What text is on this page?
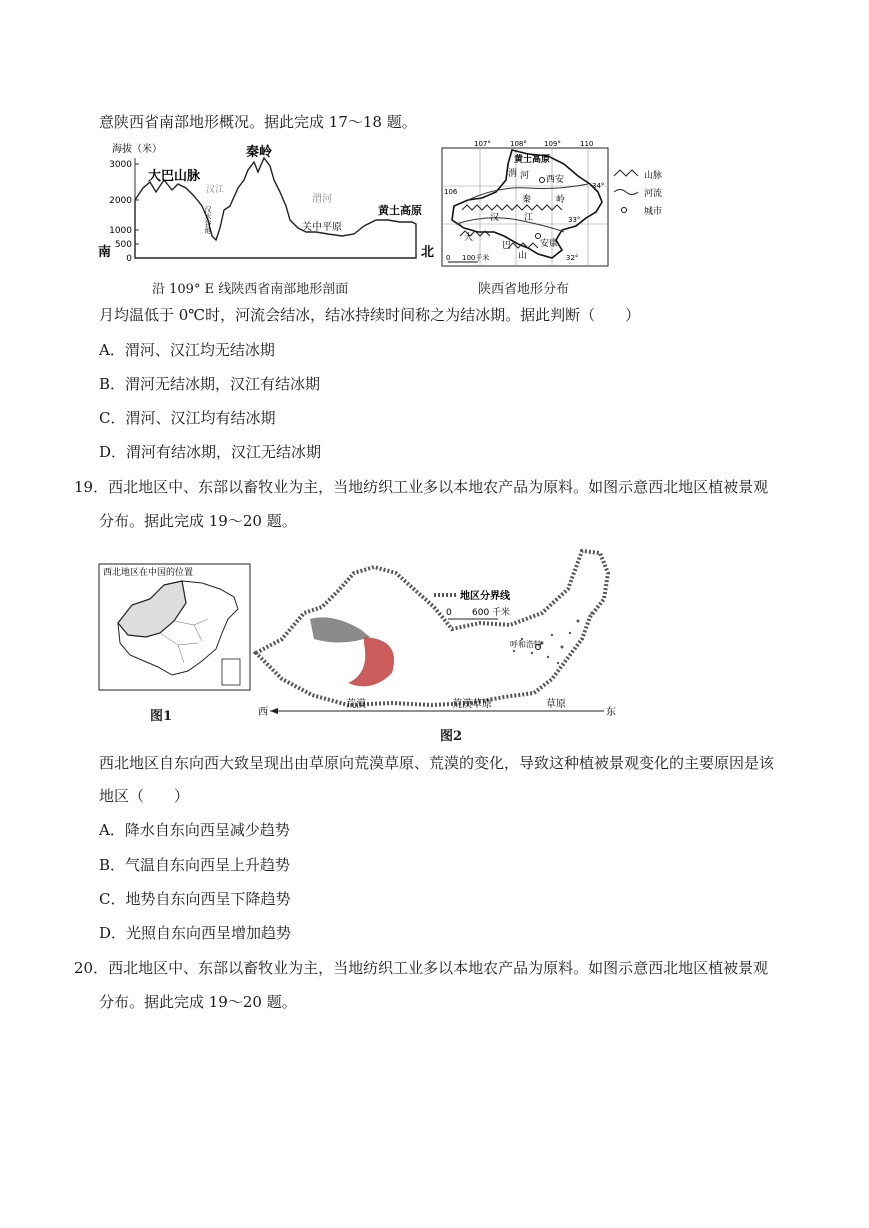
意陕西省南部地形概况。据此完成 17～18 题。
海拔（米）
3000
2000
1000
500
0
大巴山脉
秦岭
汉江
汉水谷地
渭河
关中平原
黄土高原
南	北
沿 109° E 线陕西省南部地形剖面
107°	108° 109°	110
106
34°
33°
32°
黄土高原
渭 河 西安
秦	岭
汉	江
大
巴
山
安康
0 100千米
山脉
河流
城市
陕西省地形分布
月均温低于 0℃时，河流会结冰，结冰持续时间称之为结冰期。据此判断（　　）
A．渭河、汉江均无结冰期
B．渭河无结冰期，汉江有结冰期
C．渭河、汉江均有结冰期
D．渭河有结冰期，汉江无结冰期
19．西北地区中、东部以畜牧业为主，当地纺织工业多以本地农产品为原料。如图示意西北地区植被景观
分布。据此完成 19～20 题。
西北地区在中国的位置
图1
地区分界线
0 600 千米
呼和浩特
西	东
荒漠	荒漠草原	草原
图2
西北地区自东向西大致呈现出由草原向荒漠草原、荒漠的变化，导致这种植被景观变化的主要原因是该
地区（　　）
A．降水自东向西呈减少趋势
B．气温自东向西呈上升趋势
C．地势自东向西呈下降趋势
D．光照自东向西呈增加趋势
20．西北地区中、东部以畜牧业为主，当地纺织工业多以本地农产品为原料。如图示意西北地区植被景观
分布。据此完成 19～20 题。
